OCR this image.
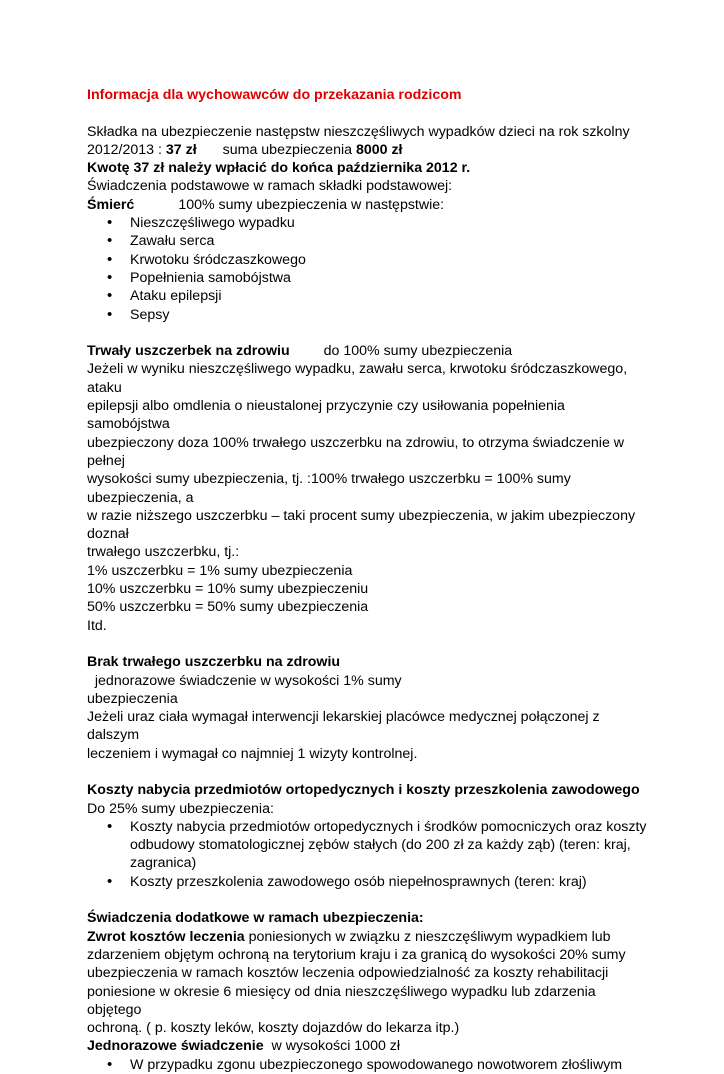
Informacja dla wychowawców do przekazania rodzicom

Składka na ubezpieczenie następstw nieszczęśliwych wypadków dzieci na rok szkolny

2012/2013 : 37 zł suma ubezpieczenia 8000 zł

Kwotę 37 zł należy wpłacić do końca października 2012 r.

Świadczenia podstawowe w ramach składki podstawowej:

Śmierć	100% sumy ubezpieczenia w następstwie:

• Nieszczęśliwego wypadku
• Zawału serca
• Krwotoku śródczaszkowego
• Popełnienia samobójstwa
• Ataku epilepsji
• Sepsy

Trwały uszczerbek na zdrowiu do 100% sumy ubezpieczenia

Jeżeli w wyniku nieszczęśliwego wypadku, zawału serca, krwotoku śródczaszkowego, ataku

epilepsji albo omdlenia o nieustalonej przyczynie czy usiłowania popełnienia samobójstwa

ubezpieczony doza 100% trwałego uszczerbku na zdrowiu, to otrzyma świadczenie w pełnej

wysokości sumy ubezpieczenia, tj. :100% trwałego uszczerbku = 100% sumy ubezpieczenia, a

w razie niższego uszczerbku – taki procent sumy ubezpieczenia, w jakim ubezpieczony doznał

trwałego uszczerbku, tj.:

1% uszczerbku = 1% sumy ubezpieczenia

10% uszczerbku = 10% sumy ubezpieczeniu

50% uszczerbku = 50% sumy ubezpieczenia

Itd.

Brak trwałego uszczerbku na zdrowiu  jednorazowe świadczenie w wysokości 1% sumy

ubezpieczenia

Jeżeli uraz ciała wymagał interwencji lekarskiej placówce medycznej połączonej z dalszym

leczeniem i wymagał co najmniej 1 wizyty kontrolnej.

Koszty nabycia przedmiotów ortopedycznych i koszty przeszkolenia zawodowego

Do 25% sumy ubezpieczenia:

• Koszty nabycia przedmiotów ortopedycznych i środków pomocniczych oraz koszty
odbudowy stomatologicznej zębów stałych (do 200 zł za każdy ząb) (teren: kraj,
zagranica)
• Koszty przeszkolenia zawodowego osób niepełnosprawnych (teren: kraj)

Świadczenia dodatkowe w ramach ubezpieczenia:

Zwrot kosztów leczenia poniesionych w związku z nieszczęśliwym wypadkiem lub

zdarzeniem objętym ochroną na terytorium kraju i za granicą do wysokości 20% sumy

ubezpieczenia w ramach kosztów leczenia odpowiedzialność za koszty rehabilitacji

poniesione w okresie 6 miesięcy od dnia nieszczęśliwego wypadku lub zdarzenia objętego

ochroną. ( p. koszty leków, koszty dojazdów do lekarza itp.)

Jednorazowe świadczenie  w wysokości 1000 zł

• W przypadku zgonu ubezpieczonego spowodowanego nowotworem złośliwym
